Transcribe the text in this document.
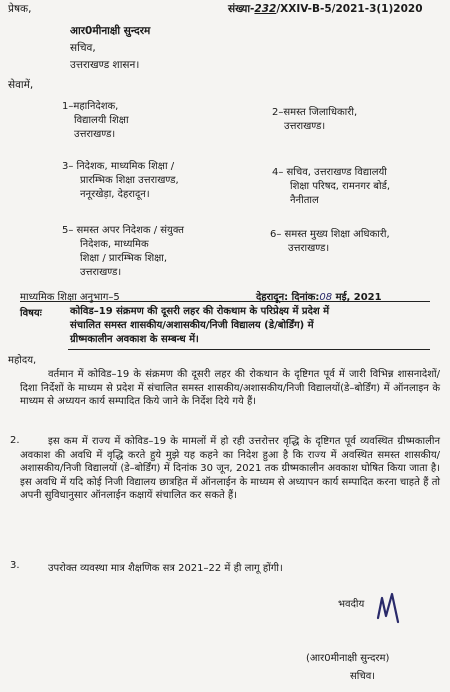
प्रेषक,	संख्या-232/XXIV-B-5/2021-3(1)2020
आर0मीनाक्षी सुन्दरम
सचिव,
उत्तराखण्ड शासन।
सेवामें,
1–महानिदेशक,
विद्यालयी शिक्षा
उत्तराखण्ड।
2–समस्त जिलाधिकारी,
उत्तराखण्ड।
3– निदेशक, माध्यमिक शिक्षा /
प्रारम्भिक शिक्षा उत्तराखण्ड,
ननूरखेड़ा, देहरादून।
4– सचिव, उत्तराखण्ड विद्यालयी
शिक्षा परिषद, रामनगर बोर्ड,
नैनीताल
5– समस्त अपर निदेशक / संयुक्त
निदेशक, माध्यमिक
शिक्षा / प्रारम्भिक शिक्षा,
उत्तराखण्ड।
6– समस्त मुख्य शिक्षा अधिकारी,
उत्तराखण्ड।
माध्यमिक शिक्षा अनुभाग–5	देहरादून: दिनांक:08 मई, 2021
विषयः	कोविड–19 संक्रमण की दूसरी लहर की रोकथाम के परिप्रेक्ष्य में प्रदेश में
संचालित समस्त शासकीय/अशासकीय/निजी विद्यालय (डे/बोर्डिंग) में
ग्रीष्मकालीन अवकाश के सम्बन्ध में।
महोदय,
वर्तमान में कोविड–19 के संक्रमण की दूसरी लहर की रोकथान के दृष्टिगत पूर्व में जारी विभिन्न शासनादेशों/दिशा निर्देशों के माध्यम से प्रदेश में संचालित समस्त शासकीय/अशासकीय/निजी विद्यालयों(डे–बोर्डिंग) में ऑनलाइन के माध्यम से अध्ययन कार्य सम्पादित किये जाने के निर्देश दिये गये हैं।
2.	इस कम में राज्य में कोविड–19 के मामलों में हो रही उत्तरोत्तर वृद्धि के दृष्टिगत पूर्व व्यवस्थित ग्रीष्मकालीन अवकाश की अवधि में वृद्धि करते हुये मुझे यह कहने का निदेश हुआ है कि राज्य में अवस्थित समस्त शासकीय/अशासकीय/निजी विद्यालयों (डे–बोर्डिंग) में दिनांक 30 जून, 2021 तक ग्रीष्मकालीन अवकाश घोषित किया जाता है। इस अवधि में यदि कोई निजी विद्यालय छात्रहित में ऑनलाईन के माध्यम से अध्यापन कार्य सम्पादित करना चाहते हैं तो अपनी सुविधानुसार ऑनलाईन कक्षायें संचालित कर सकते हैं।
3.	उपरोक्त व्यवस्था मात्र शैक्षणिक सत्र 2021–22 में ही लागू होंगी।
भवदीय
(आर0मीनाक्षी सुन्दरम)
सचिव।
